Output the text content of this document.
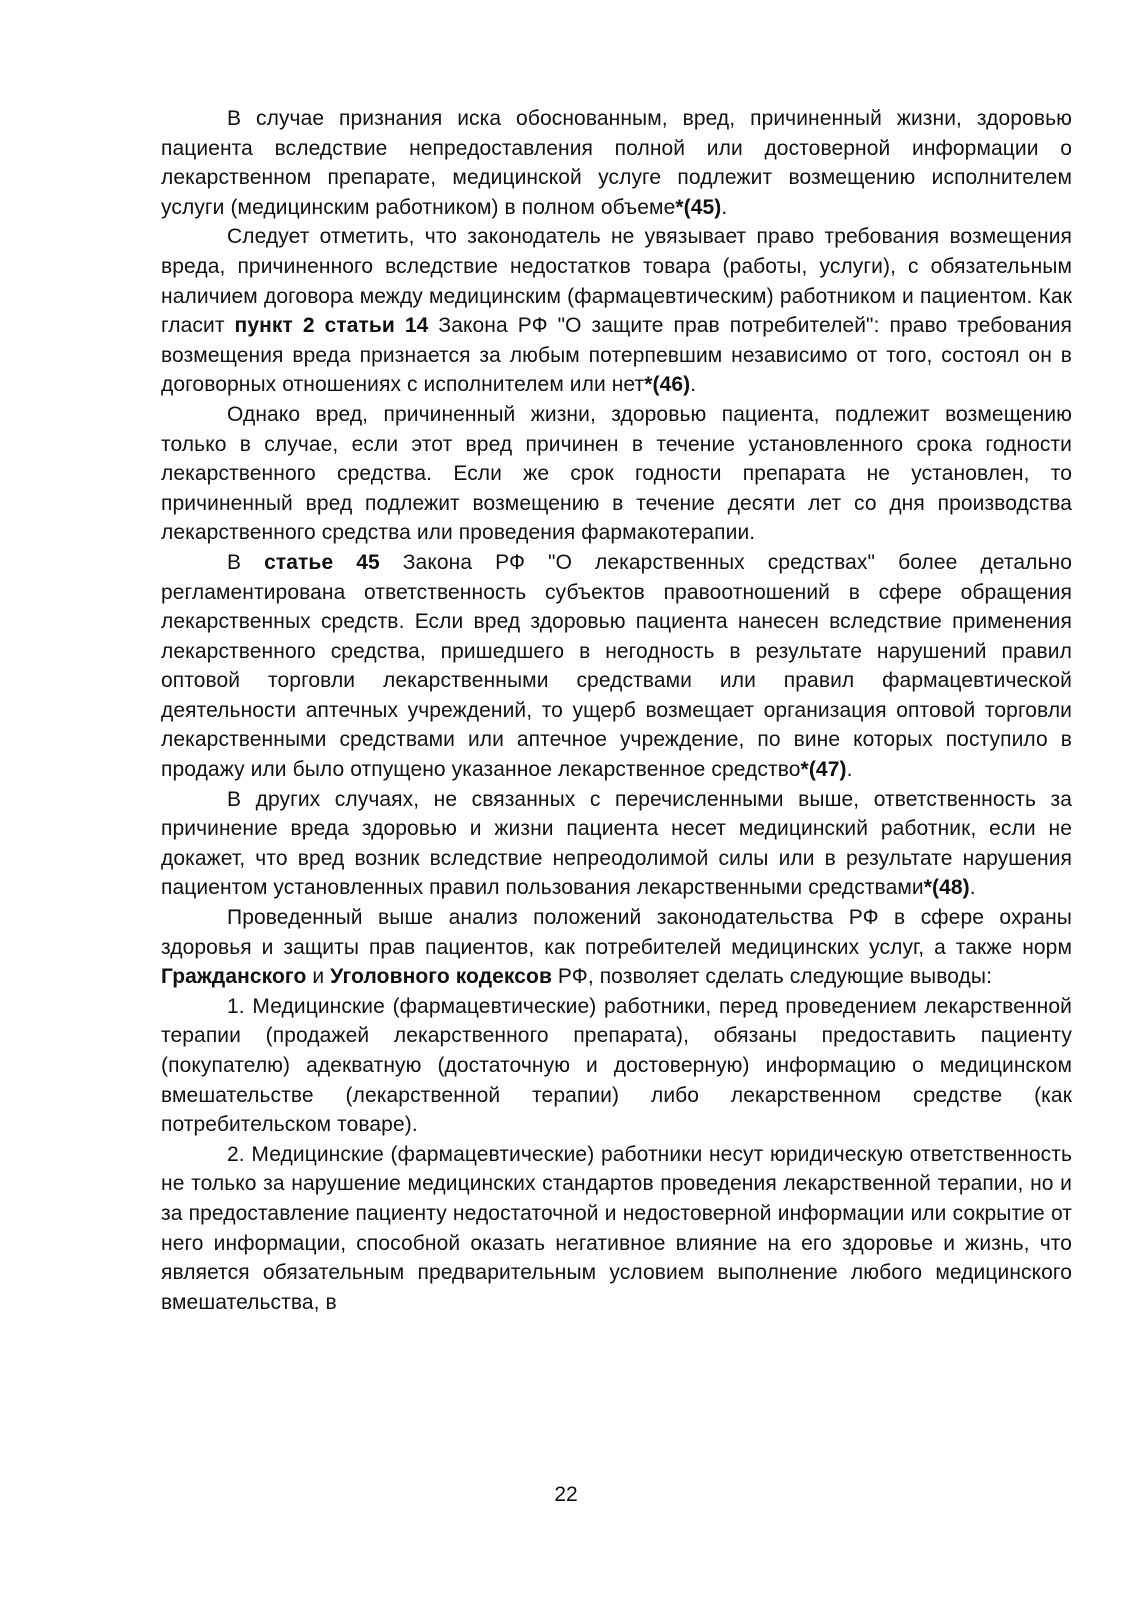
В случае признания иска обоснованным, вред, причиненный жизни, здоровью пациента вследствие непредоставления полной или достоверной информации о лекарственном препарате, медицинской услуге подлежит возмещению исполнителем услуги (медицинским работником) в полном объеме*(45).

Следует отметить, что законодатель не увязывает право требования возмещения вреда, причиненного вследствие недостатков товара (работы, услуги), с обязательным наличием договора между медицинским (фармацевтическим) работником и пациентом. Как гласит пункт 2 статьи 14 Закона РФ "О защите прав потребителей": право требования возмещения вреда признается за любым потерпевшим независимо от того, состоял он в договорных отношениях с исполнителем или нет*(46).

Однако вред, причиненный жизни, здоровью пациента, подлежит возмещению только в случае, если этот вред причинен в течение установленного срока годности лекарственного средства. Если же срок годности препарата не установлен, то причиненный вред подлежит возмещению в течение десяти лет со дня производства лекарственного средства или проведения фармакотерапии.

В статье 45 Закона РФ "О лекарственных средствах" более детально регламентирована ответственность субъектов правоотношений в сфере обращения лекарственных средств. Если вред здоровью пациента нанесен вследствие применения лекарственного средства, пришедшего в негодность в результате нарушений правил оптовой торговли лекарственными средствами или правил фармацевтической деятельности аптечных учреждений, то ущерб возмещает организация оптовой торговли лекарственными средствами или аптечное учреждение, по вине которых поступило в продажу или было отпущено указанное лекарственное средство*(47).

В других случаях, не связанных с перечисленными выше, ответственность за причинение вреда здоровью и жизни пациента несет медицинский работник, если не докажет, что вред возник вследствие непреодолимой силы или в результате нарушения пациентом установленных правил пользования лекарственными средствами*(48).

Проведенный выше анализ положений законодательства РФ в сфере охраны здоровья и защиты прав пациентов, как потребителей медицинских услуг, а также норм Гражданского и Уголовного кодексов РФ, позволяет сделать следующие выводы:

1. Медицинские (фармацевтические) работники, перед проведением лекарственной терапии (продажей лекарственного препарата), обязаны предоставить пациенту (покупателю) адекватную (достаточную и достоверную) информацию о медицинском вмешательстве (лекарственной терапии) либо лекарственном средстве (как потребительском товаре).

2. Медицинские (фармацевтические) работники несут юридическую ответственность не только за нарушение медицинских стандартов проведения лекарственной терапии, но и за предоставление пациенту недостаточной и недостоверной информации или сокрытие от него информации, способной оказать негативное влияние на его здоровье и жизнь, что является обязательным предварительным условием выполнение любого медицинского вмешательства, в

22
